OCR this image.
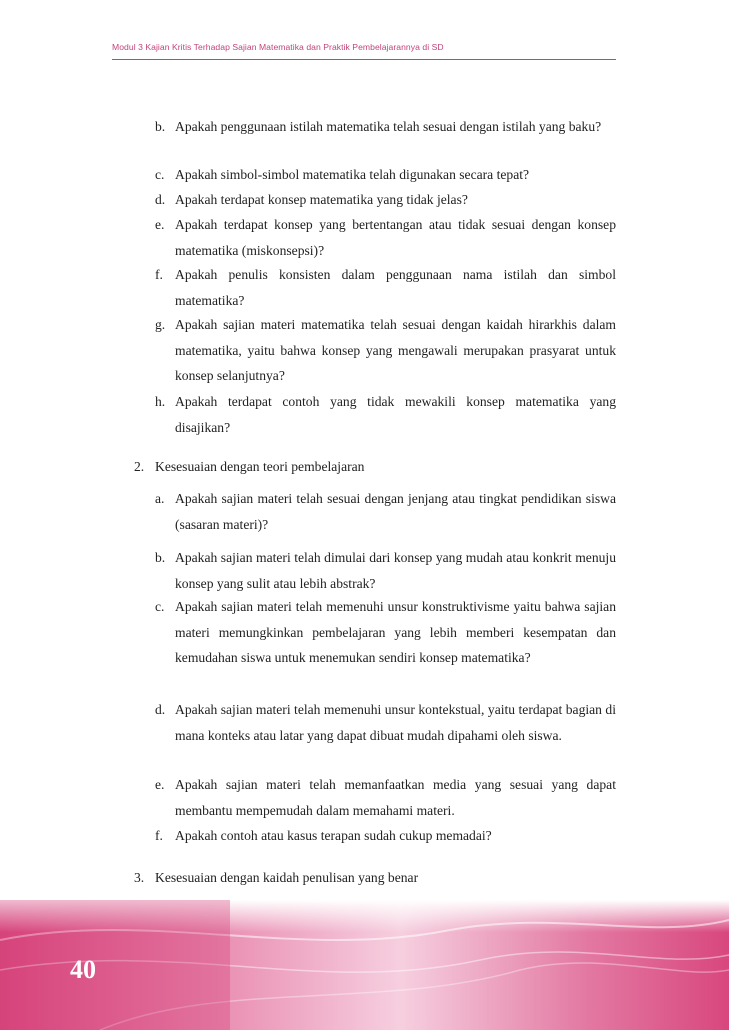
Modul 3 Kajian Kritis Terhadap Sajian Matematika dan Praktik Pembelajarannya di SD
b. Apakah penggunaan istilah matematika telah sesuai dengan istilah yang baku?
c. Apakah simbol-simbol matematika telah digunakan secara tepat?
d. Apakah terdapat konsep matematika yang tidak jelas?
e. Apakah terdapat konsep yang bertentangan atau tidak sesuai dengan konsep matematika (miskonsepsi)?
f. Apakah penulis konsisten dalam penggunaan nama istilah dan simbol matematika?
g. Apakah sajian materi matematika telah sesuai dengan kaidah hirarkhis dalam matematika, yaitu bahwa konsep yang mengawali merupakan prasyarat untuk konsep selanjutnya?
h. Apakah terdapat contoh yang tidak mewakili konsep matematika yang disajikan?
2. Kesesuaian dengan teori pembelajaran
a. Apakah sajian materi telah sesuai dengan jenjang atau tingkat pendidikan siswa (sasaran materi)?
b. Apakah sajian materi telah dimulai dari konsep yang mudah atau konkrit menuju konsep yang sulit atau lebih abstrak?
c. Apakah sajian materi telah memenuhi unsur konstruktivisme yaitu bahwa sajian materi memungkinkan pembelajaran yang lebih memberi kesempatan dan kemudahan siswa untuk menemukan sendiri konsep matematika?
d. Apakah sajian materi telah memenuhi unsur kontekstual, yaitu terdapat bagian di mana konteks atau latar yang dapat dibuat mudah dipahami oleh siswa.
e. Apakah sajian materi telah memanfaatkan media yang sesuai yang dapat membantu mempemudah dalam memahami materi.
f. Apakah contoh atau kasus terapan sudah cukup memadai?
3. Kesesuaian dengan kaidah penulisan yang benar
40
